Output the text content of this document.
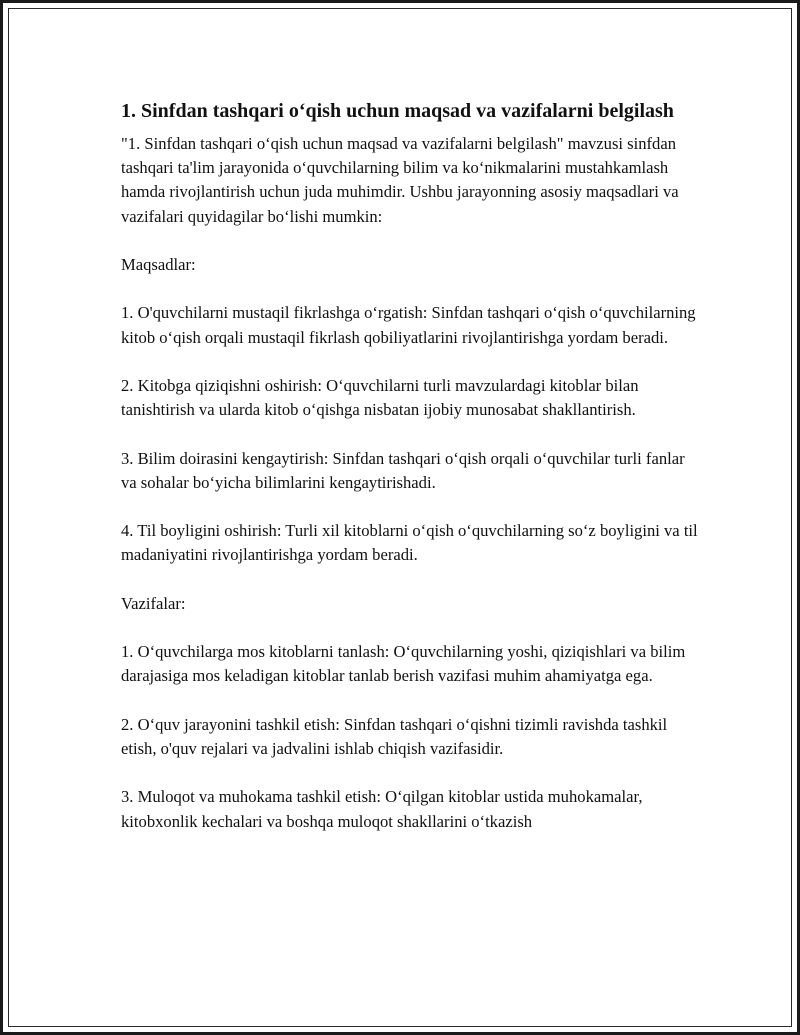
1. Sinfdan tashqari o‘qish uchun maqsad va vazifalarni belgilash

"1. Sinfdan tashqari o‘qish uchun maqsad va vazifalarni belgilash" mavzusi sinfdan tashqari ta'lim jarayonida o‘quvchilarning bilim va ko‘nikmalarini mustahkamlash hamda rivojlantirish uchun juda muhimdir. Ushbu jarayonning asosiy maqsadlari va vazifalari quyidagilar bo‘lishi mumkin:

Maqsadlar:

1. O'quvchilarni mustaqil fikrlashga o‘rgatish: Sinfdan tashqari o‘qish o‘quvchilarning kitob o‘qish orqali mustaqil fikrlash qobiliyatlarini rivojlantirishga yordam beradi.

2. Kitobga qiziqishni oshirish: O‘quvchilarni turli mavzulardagi kitoblar bilan tanishtirish va ularda kitob o‘qishga nisbatan ijobiy munosabat shakllantirish.

3. Bilim doirasini kengaytirish: Sinfdan tashqari o‘qish orqali o‘quvchilar turli fanlar va sohalar bo‘yicha bilimlarini kengaytirishadi.

4. Til boyligini oshirish: Turli xil kitoblarni o‘qish o‘quvchilarning so‘z boyligini va til madaniyatini rivojlantirishga yordam beradi.

Vazifalar:

1. O‘quvchilarga mos kitoblarni tanlash: O‘quvchilarning yoshi, qiziqishlari va bilim darajasiga mos keladigan kitoblar tanlab berish vazifasi muhim ahamiyatga ega.

2. O‘quv jarayonini tashkil etish: Sinfdan tashqari o‘qishni tizimli ravishda tashkil etish, o'quv rejalari va jadvalini ishlab chiqish vazifasidir.

3. Muloqot va muhokama tashkil etish: O‘qilgan kitoblar ustida muhokamalar, kitobxonlik kechalari va boshqa muloqot shakllarini o‘tkazish
